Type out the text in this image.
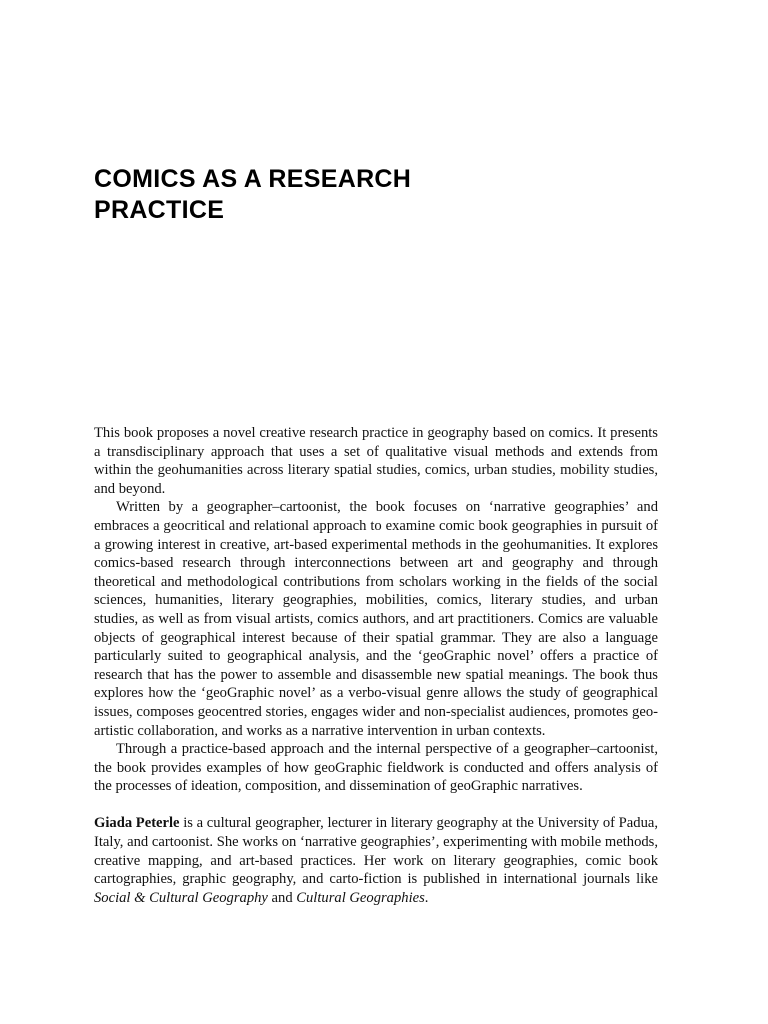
COMICS AS A RESEARCH
PRACTICE

This book proposes a novel creative research practice in geography based on comics. It presents a transdisciplinary approach that uses a set of qualitative visual methods and extends from within the geohumanities across literary spatial studies, comics, urban studies, mobility studies, and beyond.

Written by a geographer–cartoonist, the book focuses on ‘narrative geographies’ and embraces a geocritical and relational approach to examine comic book geographies in pursuit of a growing interest in creative, art-based experimental methods in the geohumanities. It explores comics-based research through interconnections between art and geography and through theoretical and methodological contributions from scholars working in the fields of the social sciences, humanities, literary geographies, mobilities, comics, literary studies, and urban studies, as well as from visual artists, comics authors, and art practitioners. Comics are valuable objects of geographical interest because of their spatial grammar. They are also a language particularly suited to geographical analysis, and the ‘geoGraphic novel’ offers a practice of research that has the power to assemble and disassemble new spatial meanings. The book thus explores how the ‘geoGraphic novel’ as a verbo-visual genre allows the study of geographical issues, composes geocentred stories, engages wider and non-specialist audiences, promotes geo-artistic collaboration, and works as a narrative intervention in urban contexts.

Through a practice-based approach and the internal perspective of a geographer–cartoonist, the book provides examples of how geoGraphic fieldwork is conducted and offers analysis of the processes of ideation, composition, and dissemination of geoGraphic narratives.

Giada Peterle is a cultural geographer, lecturer in literary geography at the University of Padua, Italy, and cartoonist. She works on ‘narrative geographies’, experimenting with mobile methods, creative mapping, and art-based practices. Her work on literary geographies, comic book cartographies, graphic geography, and carto-fiction is published in international journals like Social & Cultural Geography and Cultural Geographies.
